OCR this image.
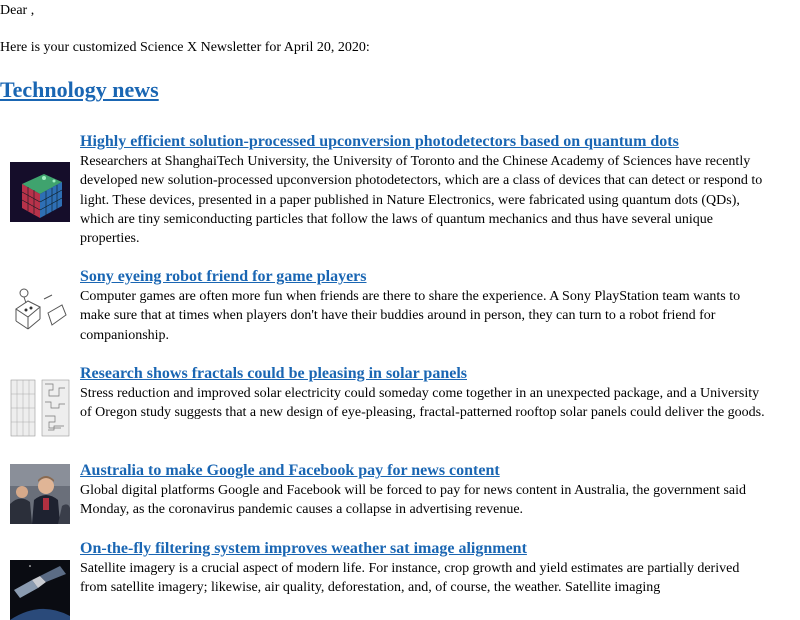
Dear ,
Here is your customized Science X Newsletter for April 20, 2020:
Technology news
Highly efficient solution-processed upconversion photodetectors based on quantum dots
Researchers at ShanghaiTech University, the University of Toronto and the Chinese Academy of Sciences have recently developed new solution-processed upconversion photodetectors, which are a class of devices that can detect or respond to light. These devices, presented in a paper published in Nature Electronics, were fabricated using quantum dots (QDs), which are tiny semiconducting particles that follow the laws of quantum mechanics and thus have several unique properties.
Sony eyeing robot friend for game players
Computer games are often more fun when friends are there to share the experience. A Sony PlayStation team wants to make sure that at times when players don't have their buddies around in person, they can turn to a robot friend for companionship.
Research shows fractals could be pleasing in solar panels
Stress reduction and improved solar electricity could someday come together in an unexpected package, and a University of Oregon study suggests that a new design of eye-pleasing, fractal-patterned rooftop solar panels could deliver the goods.
Australia to make Google and Facebook pay for news content
Global digital platforms Google and Facebook will be forced to pay for news content in Australia, the government said Monday, as the coronavirus pandemic causes a collapse in advertising revenue.
On-the-fly filtering system improves weather sat image alignment
Satellite imagery is a crucial aspect of modern life. For instance, crop growth and yield estimates are partially derived from satellite imagery; likewise, air quality, deforestation, and, of course, the weather. Satellite imaging
